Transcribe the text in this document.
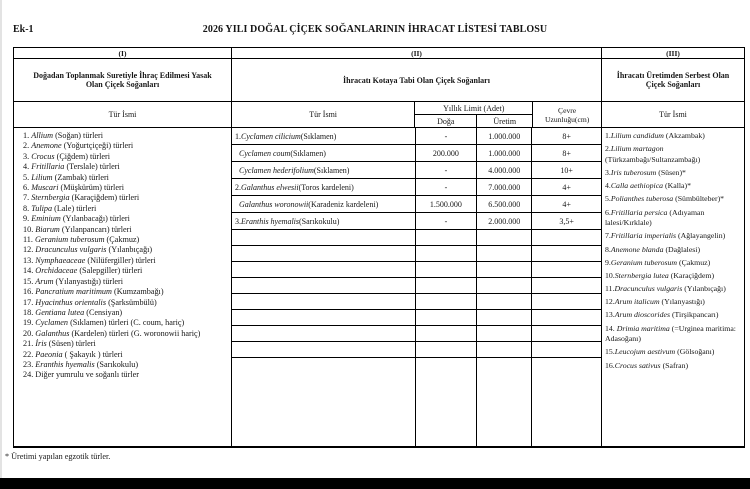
Ek-1	2026 YILI DOĞAL ÇİÇEK SOĞANLARININ İHRACAT LİSTESİ TABLOSU
(I)	(II)	(III)
Doğadan Toplanmak Suretiyle İhraç Edilmesi Yasak Olan Çiçek Soğanları	İhracatı Kotaya Tabi Olan Çiçek Soğanları	İhracatı Üretimden Serbest Olan Çiçek Soğanları
Tür İsmi
1. Allium (Soğan) türleri
2. Anemone (Yoğurtçiçeği) türleri
3. Crocus (Çiğdem) türleri
4. Fritillaria (Terslale) türleri
5. Lilium (Zambak) türleri
6. Muscari (Müşkürüm) türleri
7. Sternbergia (Karaçiğdem) türleri
8. Tulipa (Lale) türleri
9. Eminium (Yılanbacağı) türleri
10. Biarum (Yılanpancarı) türleri
11. Geranium tuberosum (Çakmuz)
12. Dracunculus vulgaris (Yılanbıçağı)
13. Nymphaeaceae (Nilüfergiller) türleri
14. Orchidaceae (Salepgiller) türleri
15. Arum (Yılanyastığı) türleri
16. Pancratium maritimum (Kumzambağı)
17. Hyacinthus orientalis (Şarksümbülü)
18. Gentiana lutea (Censiyan)
19. Cyclamen (Sıklamen) türleri (C. coum, hariç)
20. Galanthus (Kardelen) türleri (G. woronowii hariç)
21. İris (Süsen) türleri
22. Paeonia ( Şakayık ) türleri
23. Eranthis hyemalis (Sarıkokulu)
24. Diğer yumrulu ve soğanlı türler
Tür İsmi
Yıllık Limit (Adet)
Doğa	Üretim
Çevre Uzunluğu(cm)
1. Cyclamen cilicium (Sıklamen)	-	1.000.000	8+

Cyclamen coum (Sıklamen)	200.000	1.000.000	8+

Cyclamen hederifolium (Sıklamen)	-	4.000.000	10+
2. Galanthus elwesii (Toros kardeleni)	-	7.000.000	4+

Galanthus woronowii (Karadeniz kardeleni)	1.500.000	6.500.000	4+
3. Eranthis hyemalis (Sarıkokulu)	-	2.000.000	3,5+
Tür İsmi
1.Lilium candidum (Akzambak)
2.Lilium martagon (Türkzambağı/Sultanzambağı)
3.Iris tuberosum (Süsen)*
4.Calla aethiopica (Kalla)*
5.Polianthes tuberosa (Sümbülteber)*
6.Fritillaria persica (Adıyaman lalesi/Kırklale)
7.Fritillaria imperialis (Ağlayangelin)
8.Anemone blanda (Dağlalesi)
9.Geranium tuberosum (Çakmuz)
10.Sternbergia lutea (Karaçiğdem)
11.Dracunculus vulgaris (Yılanbıçağı)
12.Arum italicum (Yılanyastığı)
13.Arum dioscorides (Tirşikpancarı)
14. Drimia maritima (=Urginea maritima: Adasoğanı)
15.Leucojum aestivum (Gölsoğanı)
16.Crocus sativus (Safran)
* Üretimi yapılan egzotik türler.
